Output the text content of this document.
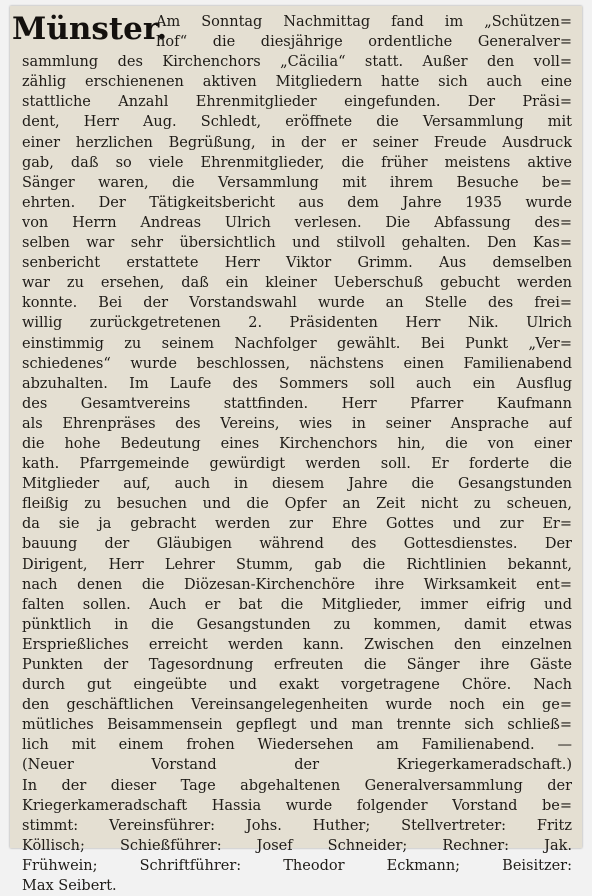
Münster.
Am Sonntag Nachmittag fand im „Schützen=
hof“ die diesjährige ordentliche Generalver=
sammlung des Kirchenchors „Cäcilia“ statt. Außer den voll=
zählig erschienenen aktiven Mitgliedern hatte sich auch eine
stattliche Anzahl Ehrenmitglieder eingefunden. Der Präsi=
dent, Herr Aug. Schledt, eröffnete die Versammlung mit
einer herzlichen Begrüßung, in der er seiner Freude Ausdruck
gab, daß so viele Ehrenmitglieder, die früher meistens aktive
Sänger waren, die Versammlung mit ihrem Besuche be=
ehrten. Der Tätigkeitsbericht aus dem Jahre 1935 wurde
von Herrn Andreas Ulrich verlesen. Die Abfassung des=
selben war sehr übersichtlich und stilvoll gehalten. Den Kas=
senbericht erstattete Herr Viktor Grimm. Aus demselben
war zu ersehen, daß ein kleiner Ueberschuß gebucht werden
konnte. Bei der Vorstandswahl wurde an Stelle des frei=
willig zurückgetretenen 2. Präsidenten Herr Nik. Ulrich
einstimmig zu seinem Nachfolger gewählt. Bei Punkt „Ver=
schiedenes“ wurde beschlossen, nächstens einen Familienabend
abzuhalten. Im Laufe des Sommers soll auch ein Ausflug
des Gesamtvereins stattfinden. Herr Pfarrer Kaufmann
als Ehrenpräses des Vereins, wies in seiner Ansprache auf
die hohe Bedeutung eines Kirchenchors hin, die von einer
kath. Pfarrgemeinde gewürdigt werden soll. Er forderte die
Mitglieder auf, auch in diesem Jahre die Gesangstunden
fleißig zu besuchen und die Opfer an Zeit nicht zu scheuen,
da sie ja gebracht werden zur Ehre Gottes und zur Er=
bauung der Gläubigen während des Gottesdienstes. Der
Dirigent, Herr Lehrer Stumm, gab die Richtlinien bekannt,
nach denen die Diözesan-Kirchenchöre ihre Wirksamkeit ent=
falten sollen. Auch er bat die Mitglieder, immer eifrig und
pünktlich in die Gesangstunden zu kommen, damit etwas
Ersprießliches erreicht werden kann. Zwischen den einzelnen
Punkten der Tagesordnung erfreuten die Sänger ihre Gäste
durch gut eingeübte und exakt vorgetragene Chöre. Nach
den geschäftlichen Vereinsangelegenheiten wurde noch ein ge=
mütliches Beisammensein gepflegt und man trennte sich schließ=
lich mit einem frohen Wiedersehen am Familienabend. —
(Neuer Vorstand der Kriegerkameradschaft.)
In der dieser Tage abgehaltenen Generalversammlung der
Kriegerkameradschaft Hassia wurde folgender Vorstand be=
stimmt: Vereinsführer: Johs. Huther; Stellvertreter: Fritz
Köllisch; Schießführer: Josef Schneider; Rechner: Jak.
Frühwein; Schriftführer: Theodor Eckmann; Beisitzer:
Max Seibert.
